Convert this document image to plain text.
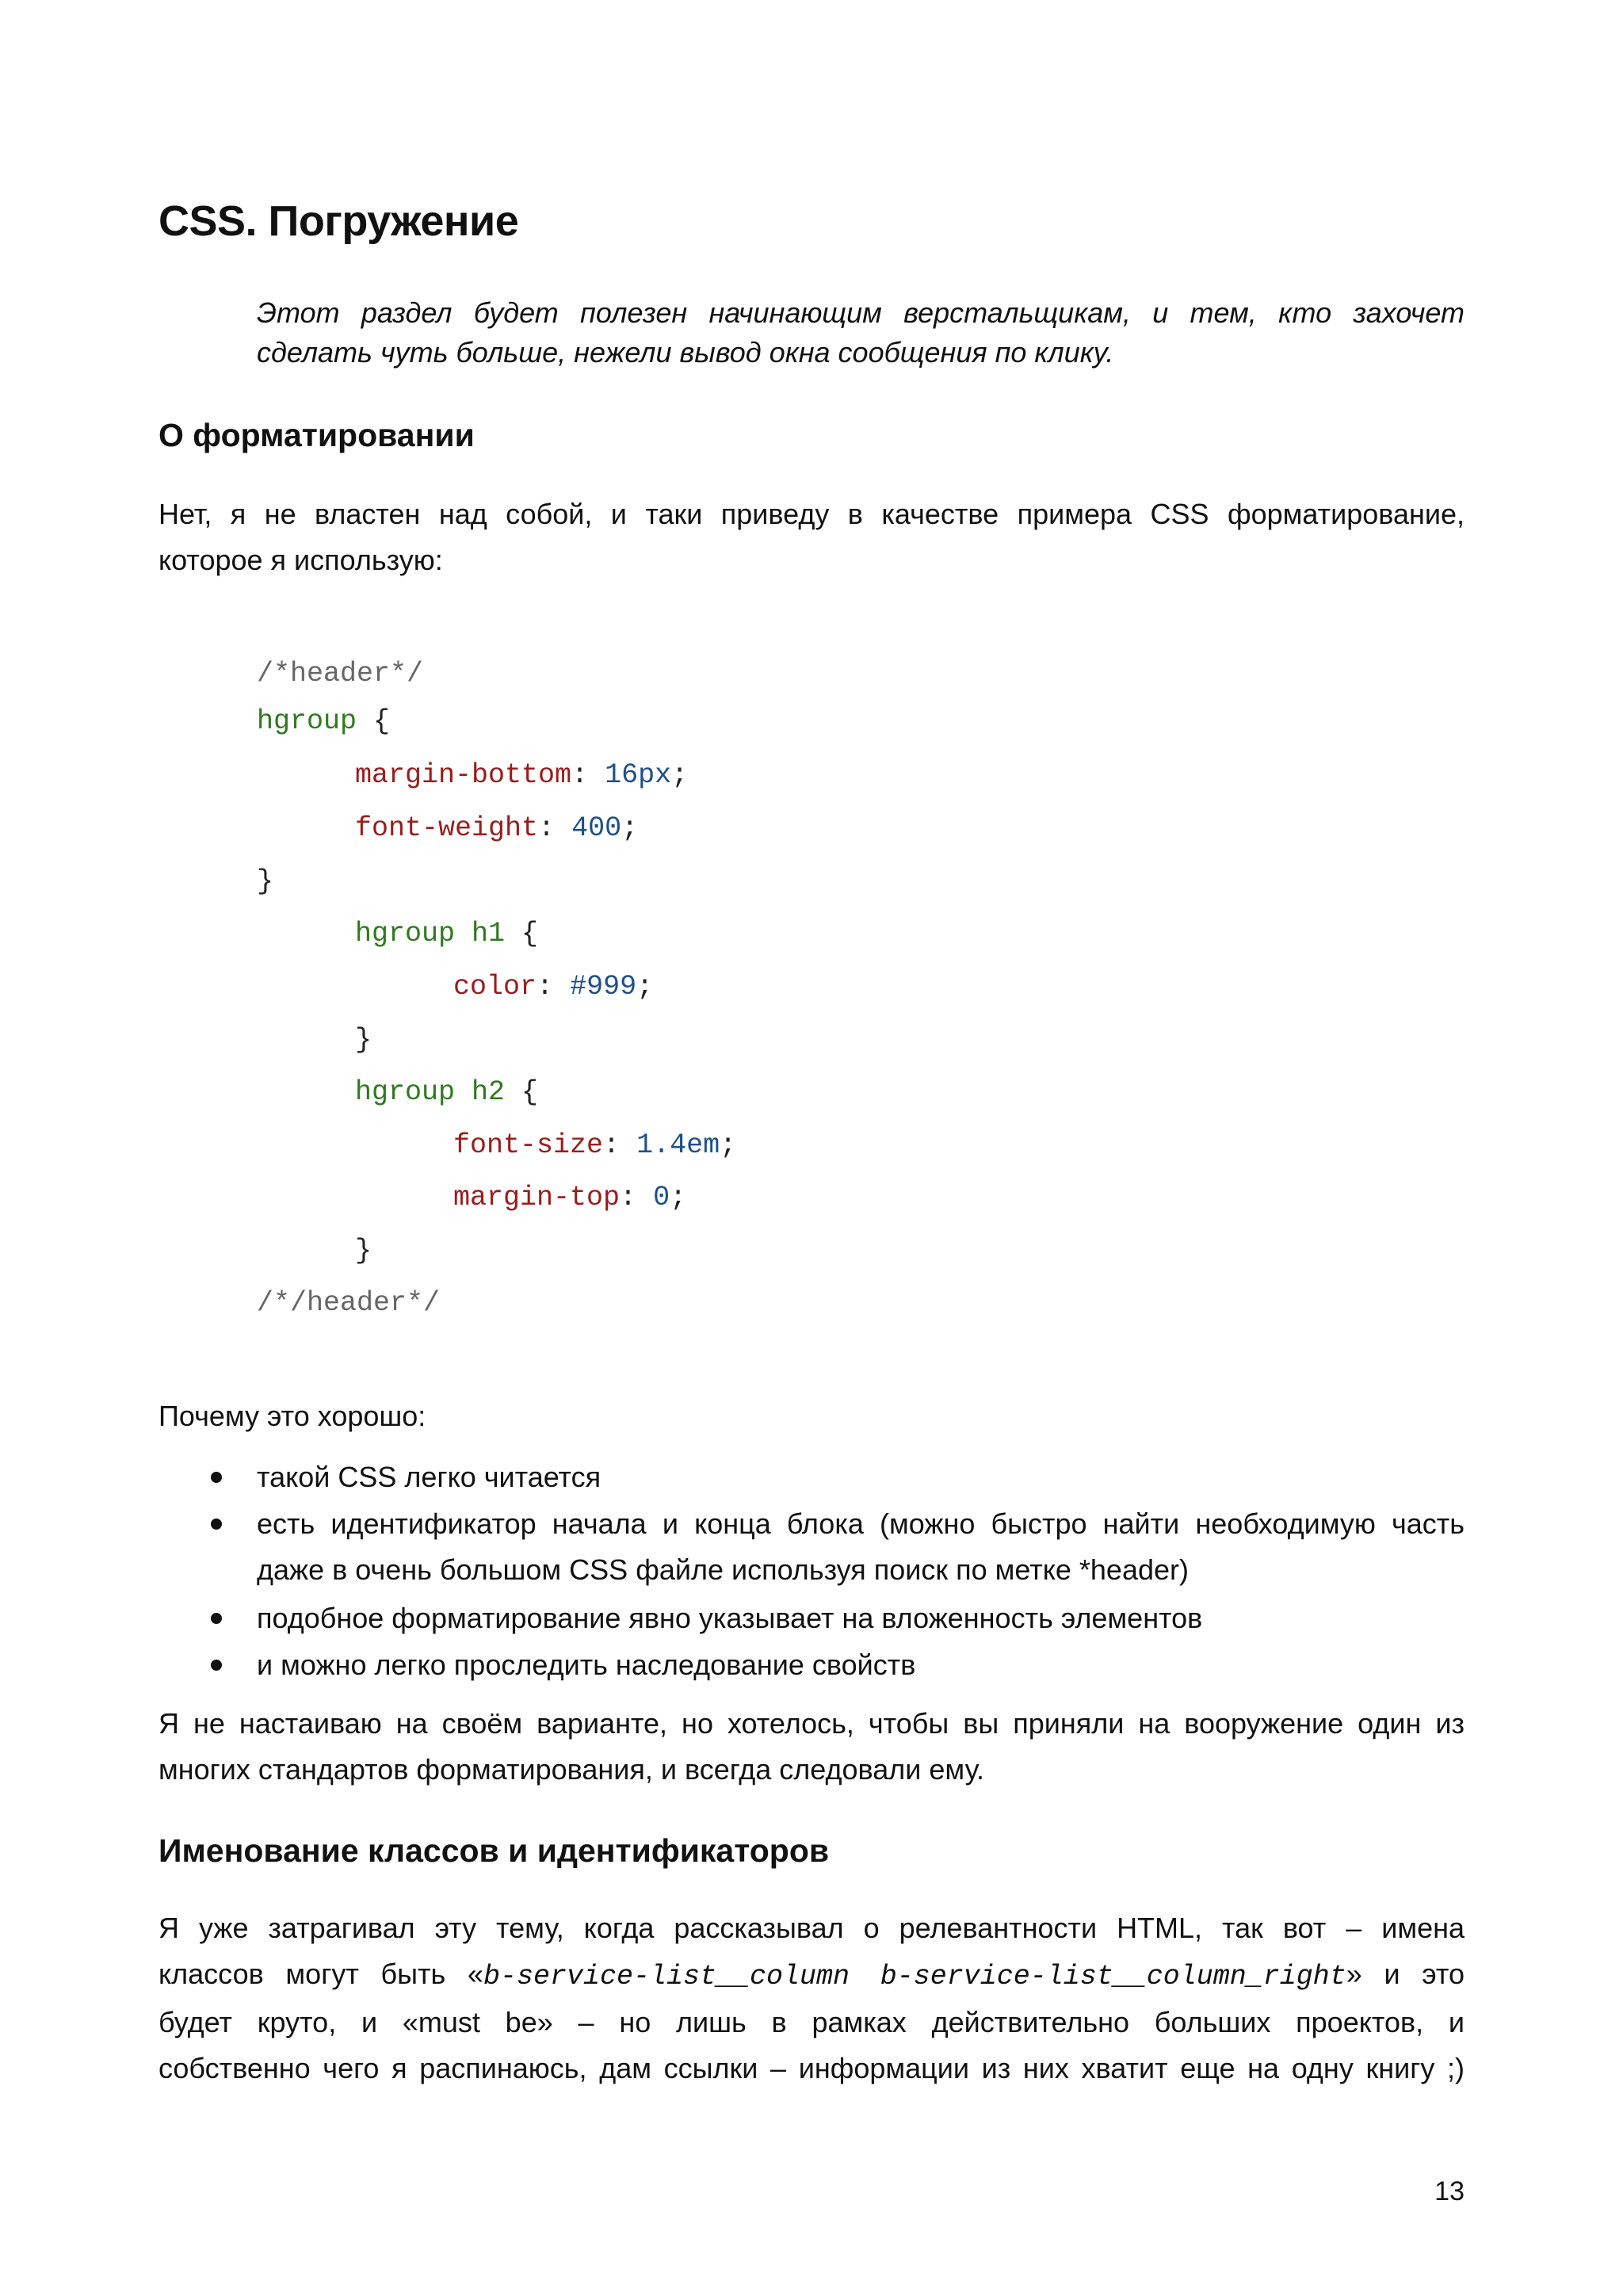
CSS. Погружение
Этот раздел будет полезен начинающим верстальщикам, и тем, кто захочет
сделать чуть больше, нежели вывод окна сообщения по клику.
О форматировании
Нет, я не властен над собой, и таки приведу в качестве примера CSS форматирование,
которое я использую:
/*header*/
hgroup {
margin-bottom: 16px;
font-weight: 400;
}
hgroup h1 {
color: #999;
}
hgroup h2 {
font-size: 1.4em;
margin-top: 0;
}
/*/header*/
Почему это хорошо:
такой CSS легко читается
есть идентификатор начала и конца блока (можно быстро найти необходимую часть
даже в очень большом CSS файле используя поиск по метке *header)
подобное форматирование явно указывает на вложенность элементов
и можно легко проследить наследование свойств
Я не настаиваю на своём варианте, но хотелось, чтобы вы приняли на вооружение один из
многих стандартов форматирования, и всегда следовали ему.
Именование классов и идентификаторов
Я уже затрагивал эту тему, когда рассказывал о релевантности HTML, так вот – имена
классов могут быть «b-service-list__column b-service-list__column_right» и это
будет круто, и «must be» – но лишь в рамках действительно больших проектов, и
собственно чего я распинаюсь, дам ссылки – информации из них хватит еще на одну книгу ;)
13
